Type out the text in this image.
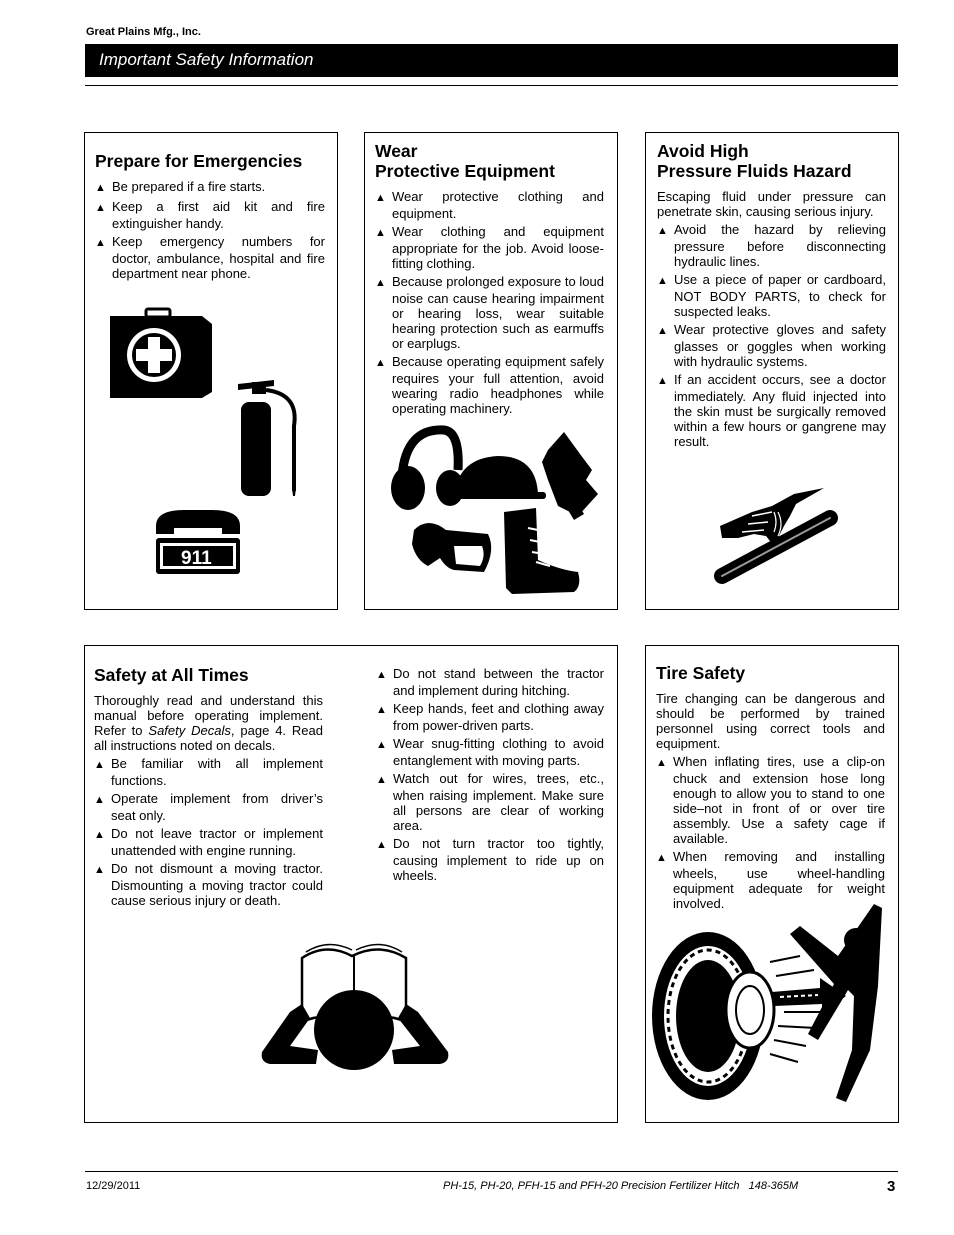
Great Plains Mfg., Inc.
Important Safety Information
Prepare for Emergencies
▲ Be prepared if a fire starts.
▲ Keep a first aid kit and fire extinguisher handy.
▲ Keep emergency numbers for doctor, ambulance, hospital and fire department near phone.
911
Wear
Protective Equipment
▲ Wear protective clothing and equipment.
▲ Wear clothing and equipment appropriate for the job. Avoid loose-fitting clothing.
▲ Because prolonged exposure to loud noise can cause hearing impairment or hearing loss, wear suitable hearing protection such as earmuffs or earplugs.
▲ Because operating equipment safely requires your full attention, avoid wearing radio headphones while operating machinery.
Avoid High
Pressure Fluids Hazard

Escaping fluid under pressure can penetrate skin, causing serious injury.

▲ Avoid the hazard by relieving pressure before disconnecting hydraulic lines.
▲ Use a piece of paper or cardboard, NOT BODY PARTS, to check for suspected leaks.
▲ Wear protective gloves and safety glasses or goggles when working with hydraulic systems.
▲ If an accident occurs, see a doctor immediately. Any fluid injected into the skin must be surgically removed within a few hours or gangrene may result.
Safety at All Times

Thoroughly read and understand this manual before operating implement. Refer to Safety Decals, page 4. Read all instructions noted on decals.

▲ Be familiar with all implement functions.
▲ Operate implement from driver’s seat only.
▲ Do not leave tractor or implement unattended with engine running.
▲ Do not dismount a moving tractor. Dismounting a moving tractor could cause serious injury or death.
▲ Do not stand between the tractor and implement during hitching.
▲ Keep hands, feet and clothing away from power-driven parts.
▲ Wear snug-fitting clothing to avoid entanglement with moving parts.
▲ Watch out for wires, trees, etc., when raising implement. Make sure all persons are clear of working area.
▲ Do not turn tractor too tightly, causing implement to ride up on wheels.
Tire Safety

Tire changing can be dangerous and should be performed by trained personnel using correct tools and equipment.

▲ When inflating tires, use a clip-on chuck and extension hose long enough to allow you to stand to one side–not in front of or over tire assembly. Use a safety cage if available.
▲ When removing and installing wheels, use wheel-handling equipment adequate for weight involved.
12/29/2011	PH-15, PH-20, PFH-15 and PFH-20 Precision Fertilizer Hitch   148-365M	3
